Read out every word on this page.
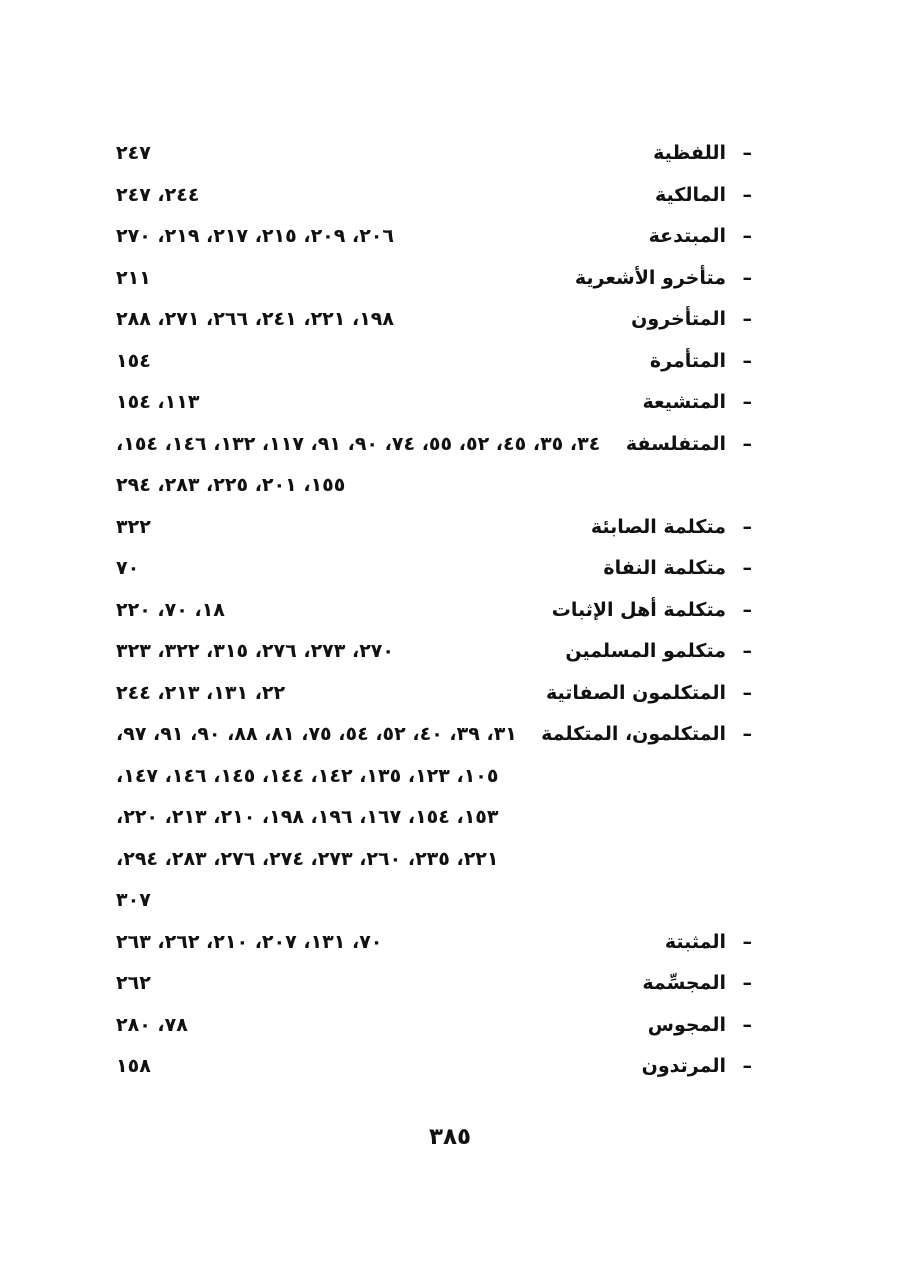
–
اللفظية
٢٤٧
–
المالكية
٢٤٤، ٢٤٧
–
المبتدعة
٢٠٦، ٢٠٩، ٢١٥، ٢١٧، ٢١٩، ٢٧٠
–
متأخرو الأشعرية
٢١١
–
المتأخرون
١٩٨، ٢٢١، ٢٤١، ٢٦٦، ٢٧١، ٢٨٨
–
المتأمرة
١٥٤
–
المتشيعة
١١٣، ١٥٤
–
المتفلسفة
٣٤، ٣٥، ٤٥، ٥٢، ٥٥، ٧٤، ٩٠، ٩١، ١١٧، ١٣٢، ١٤٦، ١٥٤،
١٥٥، ٢٠١، ٢٢٥، ٢٨٣، ٢٩٤
–
متكلمة الصابئة
٣٢٢
–
متكلمة النفاة
٧٠
–
متكلمة أهل الإثبات
١٨، ٧٠، ٢٢٠
–
متكلمو المسلمين
٢٧٠، ٢٧٣، ٢٧٦، ٣١٥، ٣٢٢، ٣٢٣
–
المتكلمون الصفاتية
٢٢، ١٣١، ٢١٣، ٢٤٤
–
المتكلمون، المتكلمة
٣١، ٣٩، ٤٠، ٥٢، ٥٤، ٧٥، ٨١، ٨٨، ٩٠، ٩١، ٩٧،
١٠٥، ١٢٣، ١٣٥، ١٤٢، ١٤٤، ١٤٥، ١٤٦، ١٤٧،
١٥٣، ١٥٤، ١٦٧، ١٩٦، ١٩٨، ٢١٠، ٢١٣، ٢٢٠،
٢٢١، ٢٣٥، ٢٦٠، ٢٧٣، ٢٧٤، ٢٧٦، ٢٨٣، ٢٩٤،
٣٠٧
–
المثبتة
٧٠، ١٣١، ٢٠٧، ٢١٠، ٢٦٢، ٢٦٣
–
المجسِّمة
٢٦٢
–
المجوس
٧٨، ٢٨٠
–
المرتدون
١٥٨
٣٨٥
